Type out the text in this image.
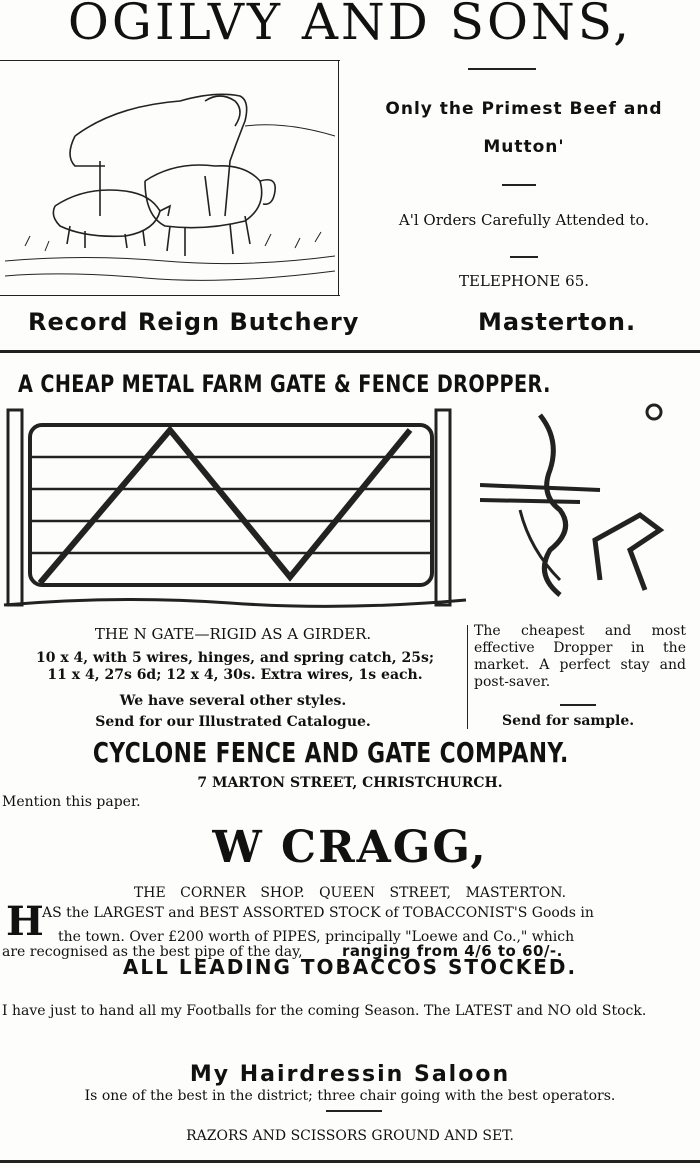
OGILVY AND SONS,
Only the Primest Beef and
Mutton'
A'l Orders Carefully Attended to.
TELEPHONE 65.
Record Reign Butchery	Masterton.
A CHEAP METAL FARM GATE & FENCE DROPPER.
THE N GATE—RIGID AS A GIRDER.
10 x 4, with 5 wires, hinges, and spring catch, 25s;
11 x 4, 27s 6d; 12 x 4, 30s. Extra wires, 1s each.
We have several other styles.
Send for our Illustrated Catalogue.
The cheapest and most effective Dropper in the market. A perfect stay and post-saver.
Send for sample.
CYCLONE FENCE AND GATE COMPANY.
7 MARTON STREET, CHRISTCHURCH.
Mention this paper.
W CRAGG,
THE CORNER SHOP. QUEEN STREET, MASTERTON.
H
AS the LARGEST and BEST ASSORTED STOCK of TOBACCONIST'S Goods in
the town. Over £200 worth of PIPES, principally "Loewe and Co.," which
are recognised as the best pipe of the day,	ranging from 4/6 to 60/-.
ALL LEADING TOBACCOS STOCKED.
I have just to hand all my Footballs for the coming Season. The LATEST and NO old Stock.
My Hairdressin Saloon
Is one of the best in the district; three chair going with the best operators.
RAZORS AND SCISSORS GROUND AND SET.
